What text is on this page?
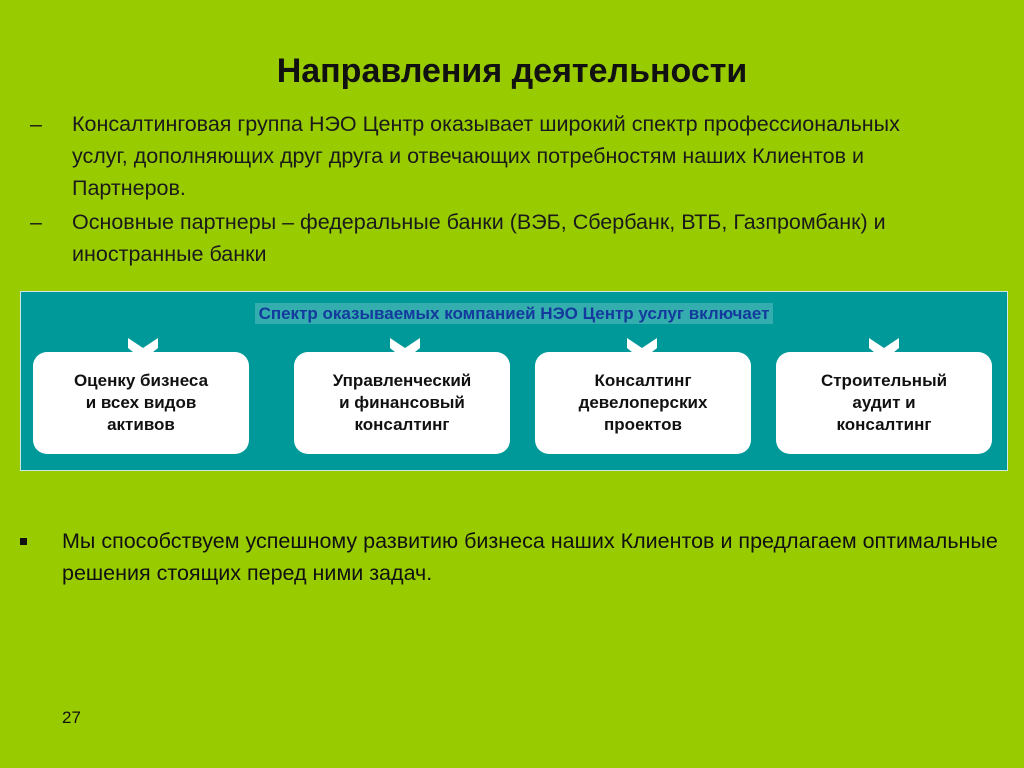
Направления деятельности
– Консалтинговая группа НЭО Центр оказывает широкий спектр профессиональных услуг, дополняющих друг друга и отвечающих потребностям наших Клиентов и Партнеров.
– Основные партнеры – федеральные банки (ВЭБ, Сбербанк, ВТБ, Газпромбанк) и иностранные банки
Спектр оказываемых компанией НЭО Центр услуг включает
Оценку бизнеса
и всех видов
активов
Управленческий
и финансовый
консалтинг
Консалтинг
девелоперских
проектов
Строительный
аудит и
консалтинг
Мы способствуем успешному развитию бизнеса наших Клиентов и предлагаем оптимальные решения стоящих перед ними задач.
27
